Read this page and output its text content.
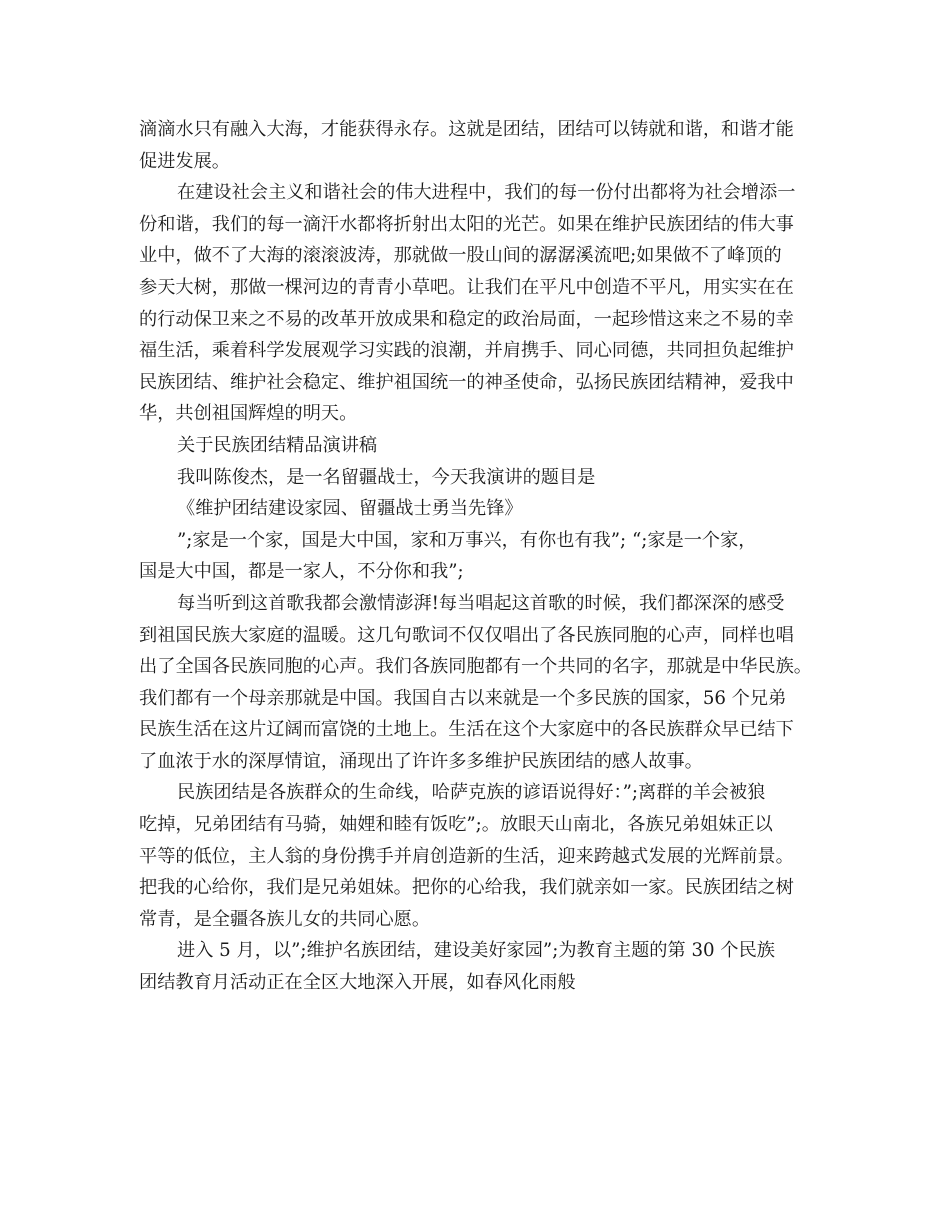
滴滴水只有融入大海，才能获得永存。这就是团结，团结可以铸就和谐，和谐才能
促进发展。
在建设社会主义和谐社会的伟大进程中，我们的每一份付出都将为社会增添一
份和谐，我们的每一滴汗水都将折射出太阳的光芒。如果在维护民族团结的伟大事
业中，做不了大海的滚滚波涛，那就做一股山间的潺潺溪流吧;如果做不了峰顶的
参天大树，那做一棵河边的青青小草吧。让我们在平凡中创造不平凡，用实实在在
的行动保卫来之不易的改革开放成果和稳定的政治局面，一起珍惜这来之不易的幸
福生活，乘着科学发展观学习实践的浪潮，并肩携手、同心同德，共同担负起维护
民族团结、维护社会稳定、维护祖国统一的神圣使命，弘扬民族团结精神，爱我中
华，共创祖国辉煌的明天。
关于民族团结精品演讲稿
我叫陈俊杰，是一名留疆战士，今天我演讲的题目是
《维护团结建设家园、留疆战士勇当先锋》
”;家是一个家，国是大中国，家和万事兴，有你也有我”; “;家是一个家，
国是大中国，都是一家人，不分你和我”;
每当听到这首歌我都会激情澎湃!每当唱起这首歌的时候，我们都深深的感受
到祖国民族大家庭的温暖。这几句歌词不仅仅唱出了各民族同胞的心声，同样也唱
出了全国各民族同胞的心声。我们各族同胞都有一个共同的名字，那就是中华民族。
我们都有一个母亲那就是中国。我国自古以来就是一个多民族的国家，56 个兄弟
民族生活在这片辽阔而富饶的土地上。生活在这个大家庭中的各民族群众早已结下
了血浓于水的深厚情谊，涌现出了许许多多维护民族团结的感人故事。
民族团结是各族群众的生命线，哈萨克族的谚语说得好：”;离群的羊会被狼
吃掉，兄弟团结有马骑，妯娌和睦有饭吃”;。放眼天山南北，各族兄弟姐妹正以
平等的低位，主人翁的身份携手并肩创造新的生活，迎来跨越式发展的光辉前景。
把我的心给你，我们是兄弟姐妹。把你的心给我，我们就亲如一家。民族团结之树
常青，是全疆各族儿女的共同心愿。
进入 5 月，以”;维护名族团结，建设美好家园”;为教育主题的第 30 个民族
团结教育月活动正在全区大地深入开展，如春风化雨般
